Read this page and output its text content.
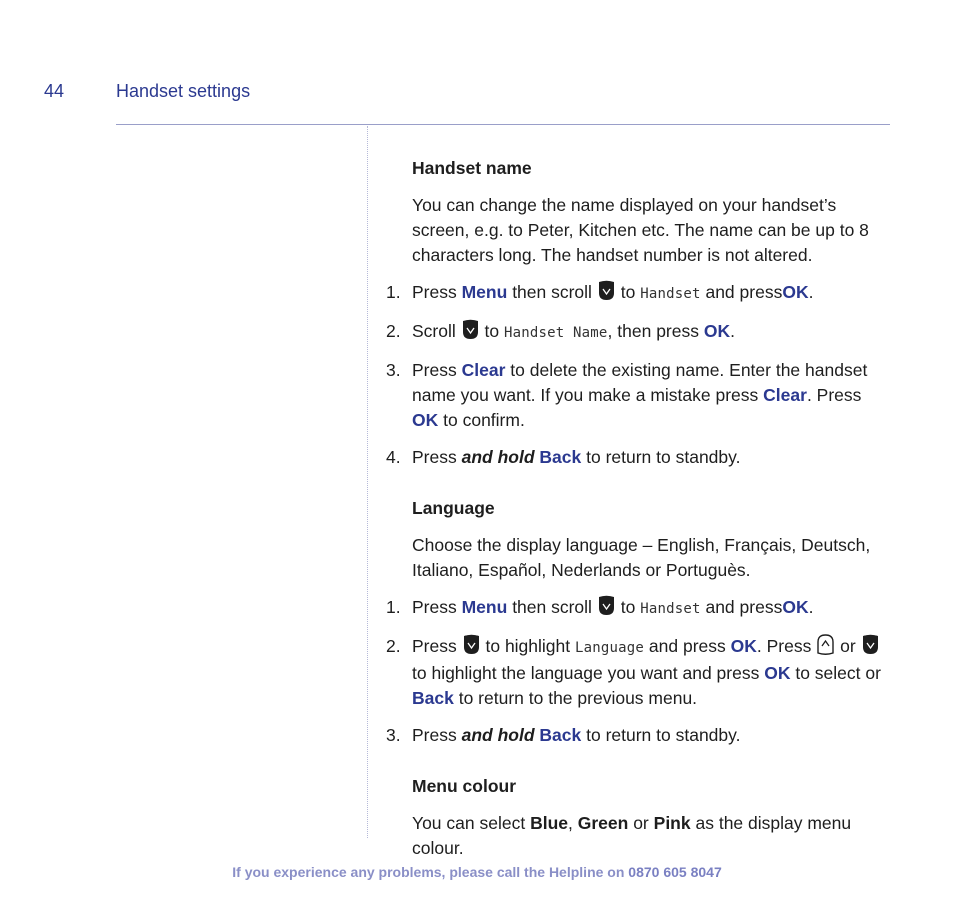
44	Handset settings
Handset name

You can change the name displayed on your handset’s screen, e.g. to Peter, Kitchen etc. The name can be up to 8 characters long. The handset number is not altered.

1. Press Menu then scroll to Handset and pressOK.
2. Scroll to Handset Name, then press OK.
3. Press Clear to delete the existing name. Enter the handset name you want. If you make a mistake press Clear. Press OK to confirm.
4. Press and hold Back to return to standby.
Language

Choose the display language – English, Français, Deutsch, Italiano, Español, Nederlands or Portuguès.

1. Press Menu then scroll to Handset and pressOK.
2. Press to highlight Language and press OK. Press or  to highlight the language you want and press OK to select or Back to return to the previous menu.
3. Press and hold Back to return to standby.
Menu colour

You can select Blue, Green or Pink as the display menu colour.

If you experience any problems, please call the Helpline on 0870 605 8047
